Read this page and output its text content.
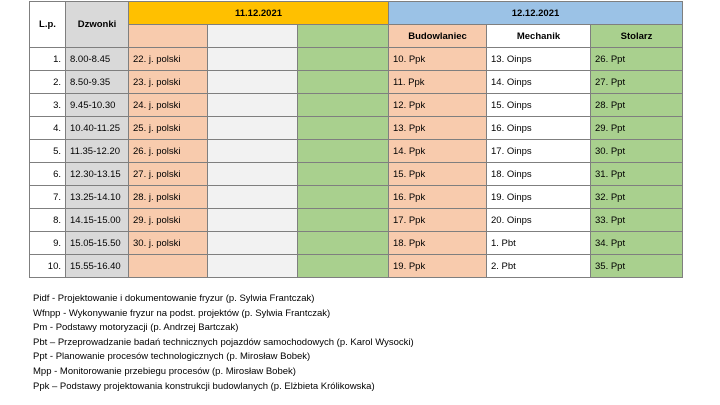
L.p.	Dzwonki	11.12.2021			12.12.2021		
					Budowlaniec	Mechanik	Stolarz
1.	8.00-8.45	22. j. polski			10. Ppk	13. Oinps	26. Ppt
2.	8.50-9.35	23. j. polski			11. Ppk	14. Oinps	27. Ppt
3.	9.45-10.30	24. j. polski			12. Ppk	15. Oinps	28. Ppt
4.	10.40-11.25	25. j. polski			13. Ppk	16. Oinps	29. Ppt
5.	11.35-12.20	26. j. polski			14. Ppk	17. Oinps	30. Ppt
6.	12.30-13.15	27. j. polski			15. Ppk	18. Oinps	31. Ppt
7.	13.25-14.10	28. j. polski			16. Ppk	19. Oinps	32. Ppt
8.	14.15-15.00	29. j. polski			17. Ppk	20. Oinps	33. Ppt
9.	15.05-15.50	30. j. polski			18. Ppk	1. Pbt	34. Ppt
10.	15.55-16.40				19. Ppk	2. Pbt	35. Ppt
Pidf - Projektowanie i dokumentowanie fryzur (p. Sylwia Frantczak)
Wfnpp - Wykonywanie fryzur na podst. projektów (p. Sylwia Frantczak)
Pm - Podstawy motoryzacji (p. Andrzej Bartczak)
Pbt – Przeprowadzanie badań technicznych pojazdów samochodowych (p. Karol Wysocki)
Ppt - Planowanie procesów technologicznych (p. Mirosław Bobek)
Mpp - Monitorowanie przebiegu procesów (p. Mirosław Bobek)
Ppk – Podstawy projektowania konstrukcji budowlanych (p. Elżbieta Królikowska)
